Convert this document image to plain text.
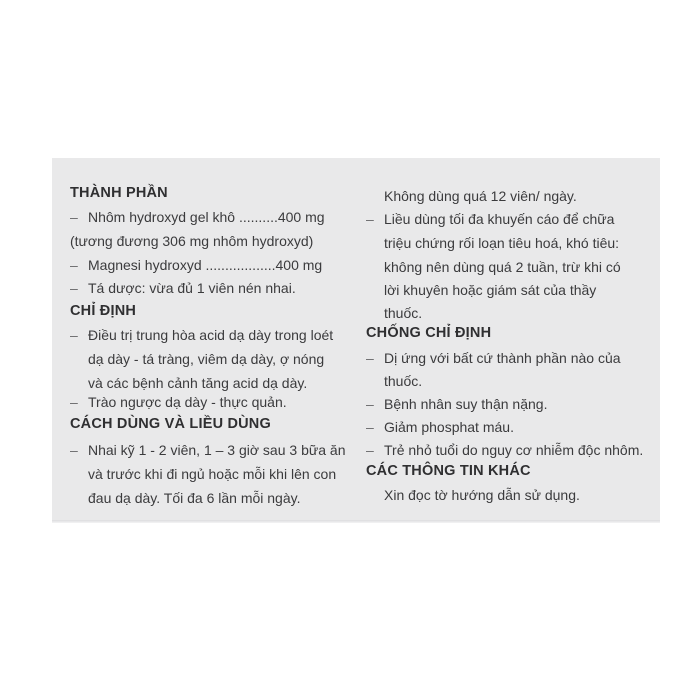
THÀNH PHẦN
– Nhôm hydroxyd gel khô ..........400 mg
(tương đương 306 mg nhôm hydroxyd)
– Magnesi hydroxyd ..................400 mg
– Tá dược: vừa đủ 1 viên nén nhai.
CHỈ ĐỊNH
– Điều trị trung hòa acid dạ dày trong loét
dạ dày - tá tràng, viêm dạ dày, ợ nóng
và các bệnh cảnh tăng acid dạ dày.
– Trào ngược dạ dày - thực quản.
CÁCH DÙNG VÀ LIỀU DÙNG
– Nhai kỹ 1 - 2 viên, 1 – 3 giờ sau 3 bữa ăn
và trước khi đi ngủ hoặc mỗi khi lên con
đau dạ dày. Tối đa 6 lần mỗi ngày.
Không dùng quá 12 viên/ ngày.
– Liều dùng tối đa khuyến cáo để chữa
triệu chứng rối loạn tiêu hoá, khó tiêu:
không nên dùng quá 2 tuần, trừ khi có
lời khuyên hoặc giám sát của thầy
thuốc.
CHỐNG CHỈ ĐỊNH
– Dị ứng với bất cứ thành phần nào của
thuốc.
– Bệnh nhân suy thận nặng.
– Giảm phosphat máu.
– Trẻ nhỏ tuổi do nguy cơ nhiễm độc nhôm.
CÁC THÔNG TIN KHÁC
Xin đọc tờ hướng dẫn sử dụng.
